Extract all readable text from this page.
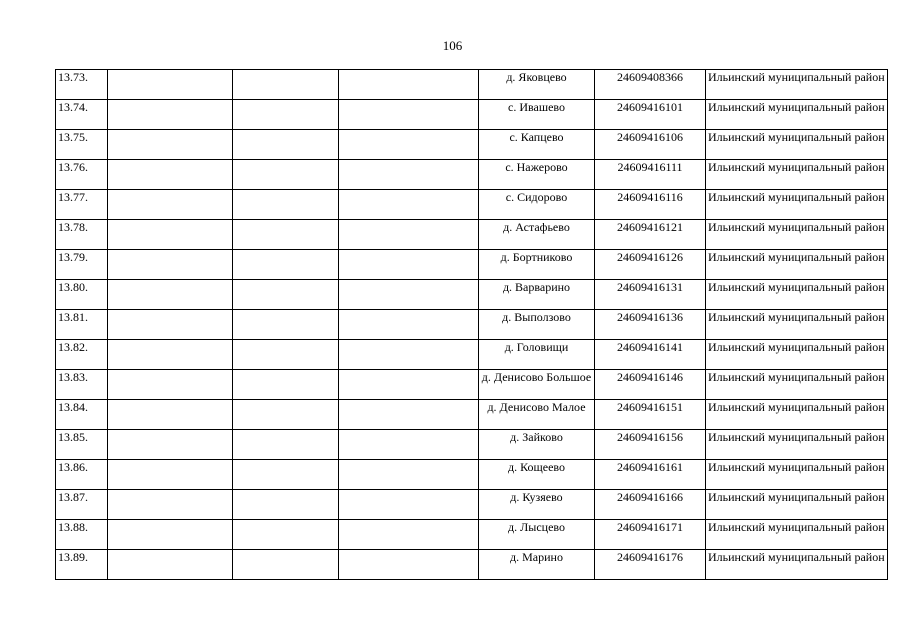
106
13.73.				д. Яковцево	24609408366	Ильинский муниципальный район
13.74.				с. Ивашево	24609416101	Ильинский муниципальный район
13.75.				с. Капцево	24609416106	Ильинский муниципальный район
13.76.				с. Нажерово	24609416111	Ильинский муниципальный район
13.77.				с. Сидорово	24609416116	Ильинский муниципальный район
13.78.				д. Астафьево	24609416121	Ильинский муниципальный район
13.79.				д. Бортниково	24609416126	Ильинский муниципальный район
13.80.				д. Варварино	24609416131	Ильинский муниципальный район
13.81.				д. Выползово	24609416136	Ильинский муниципальный район
13.82.				д. Головищи	24609416141	Ильинский муниципальный район
13.83.				д. Денисово Большое	24609416146	Ильинский муниципальный район
13.84.				д. Денисово Малое	24609416151	Ильинский муниципальный район
13.85.				д. Зайково	24609416156	Ильинский муниципальный район
13.86.				д. Кощеево	24609416161	Ильинский муниципальный район
13.87.				д. Кузяево	24609416166	Ильинский муниципальный район
13.88.				д. Лысцево	24609416171	Ильинский муниципальный район
13.89.				д. Марино	24609416176	Ильинский муниципальный район
